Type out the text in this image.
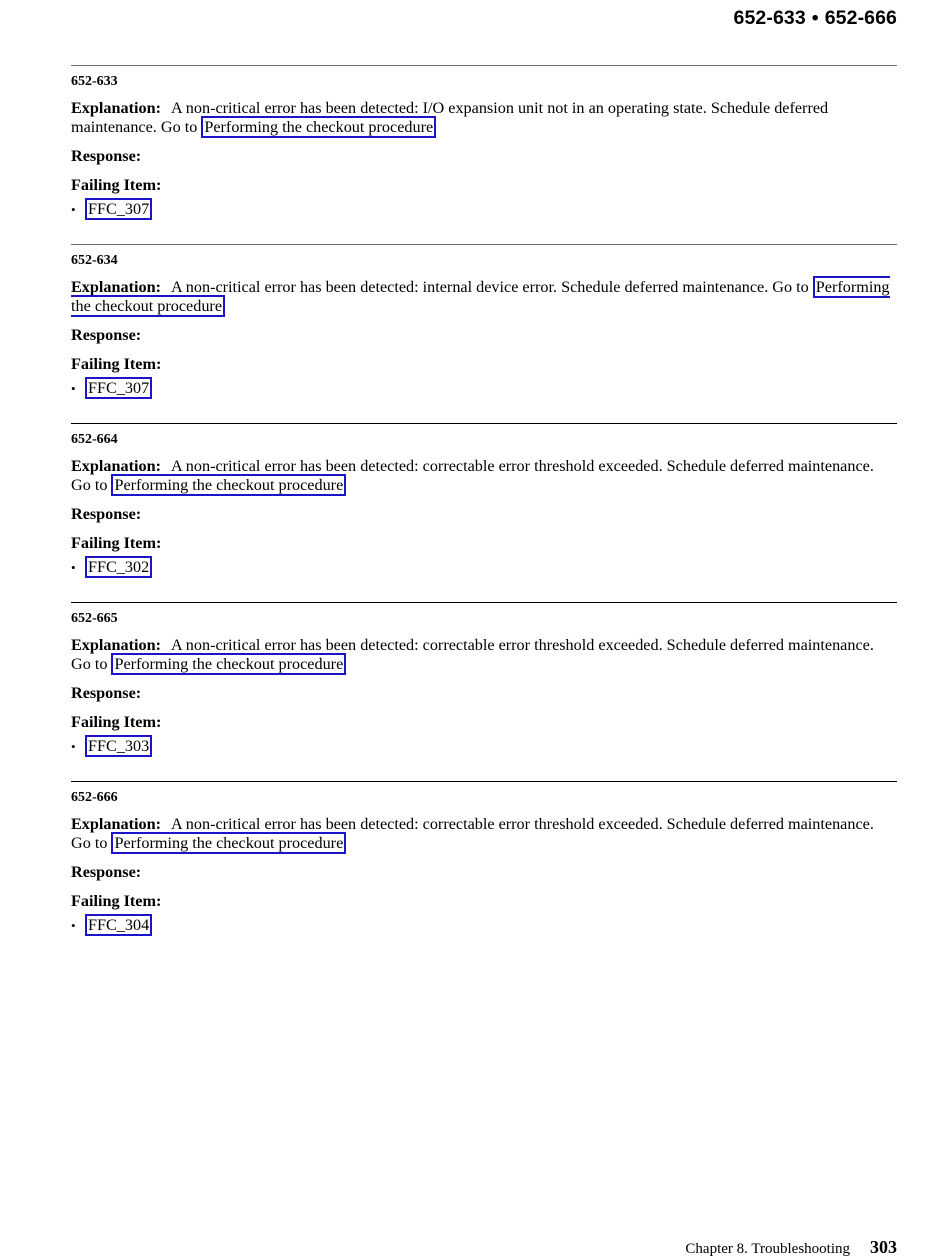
652-633 • 652-666
652-633
Explanation: A non-critical error has been detected: I/O expansion unit not in an operating state. Schedule deferred maintenance. Go to Performing the checkout procedure
Response:
Failing Item:
• FFC_307
652-634
Explanation: A non-critical error has been detected: internal device error. Schedule deferred maintenance. Go to Performing the checkout procedure
Response:
Failing Item:
• FFC_307
652-664
Explanation: A non-critical error has been detected: correctable error threshold exceeded. Schedule deferred maintenance. Go to Performing the checkout procedure
Response:
Failing Item:
• FFC_302
652-665
Explanation: A non-critical error has been detected: correctable error threshold exceeded. Schedule deferred maintenance. Go to Performing the checkout procedure
Response:
Failing Item:
• FFC_303
652-666
Explanation: A non-critical error has been detected: correctable error threshold exceeded. Schedule deferred maintenance. Go to Performing the checkout procedure
Response:
Failing Item:
• FFC_304
Chapter 8. Troubleshooting 303
